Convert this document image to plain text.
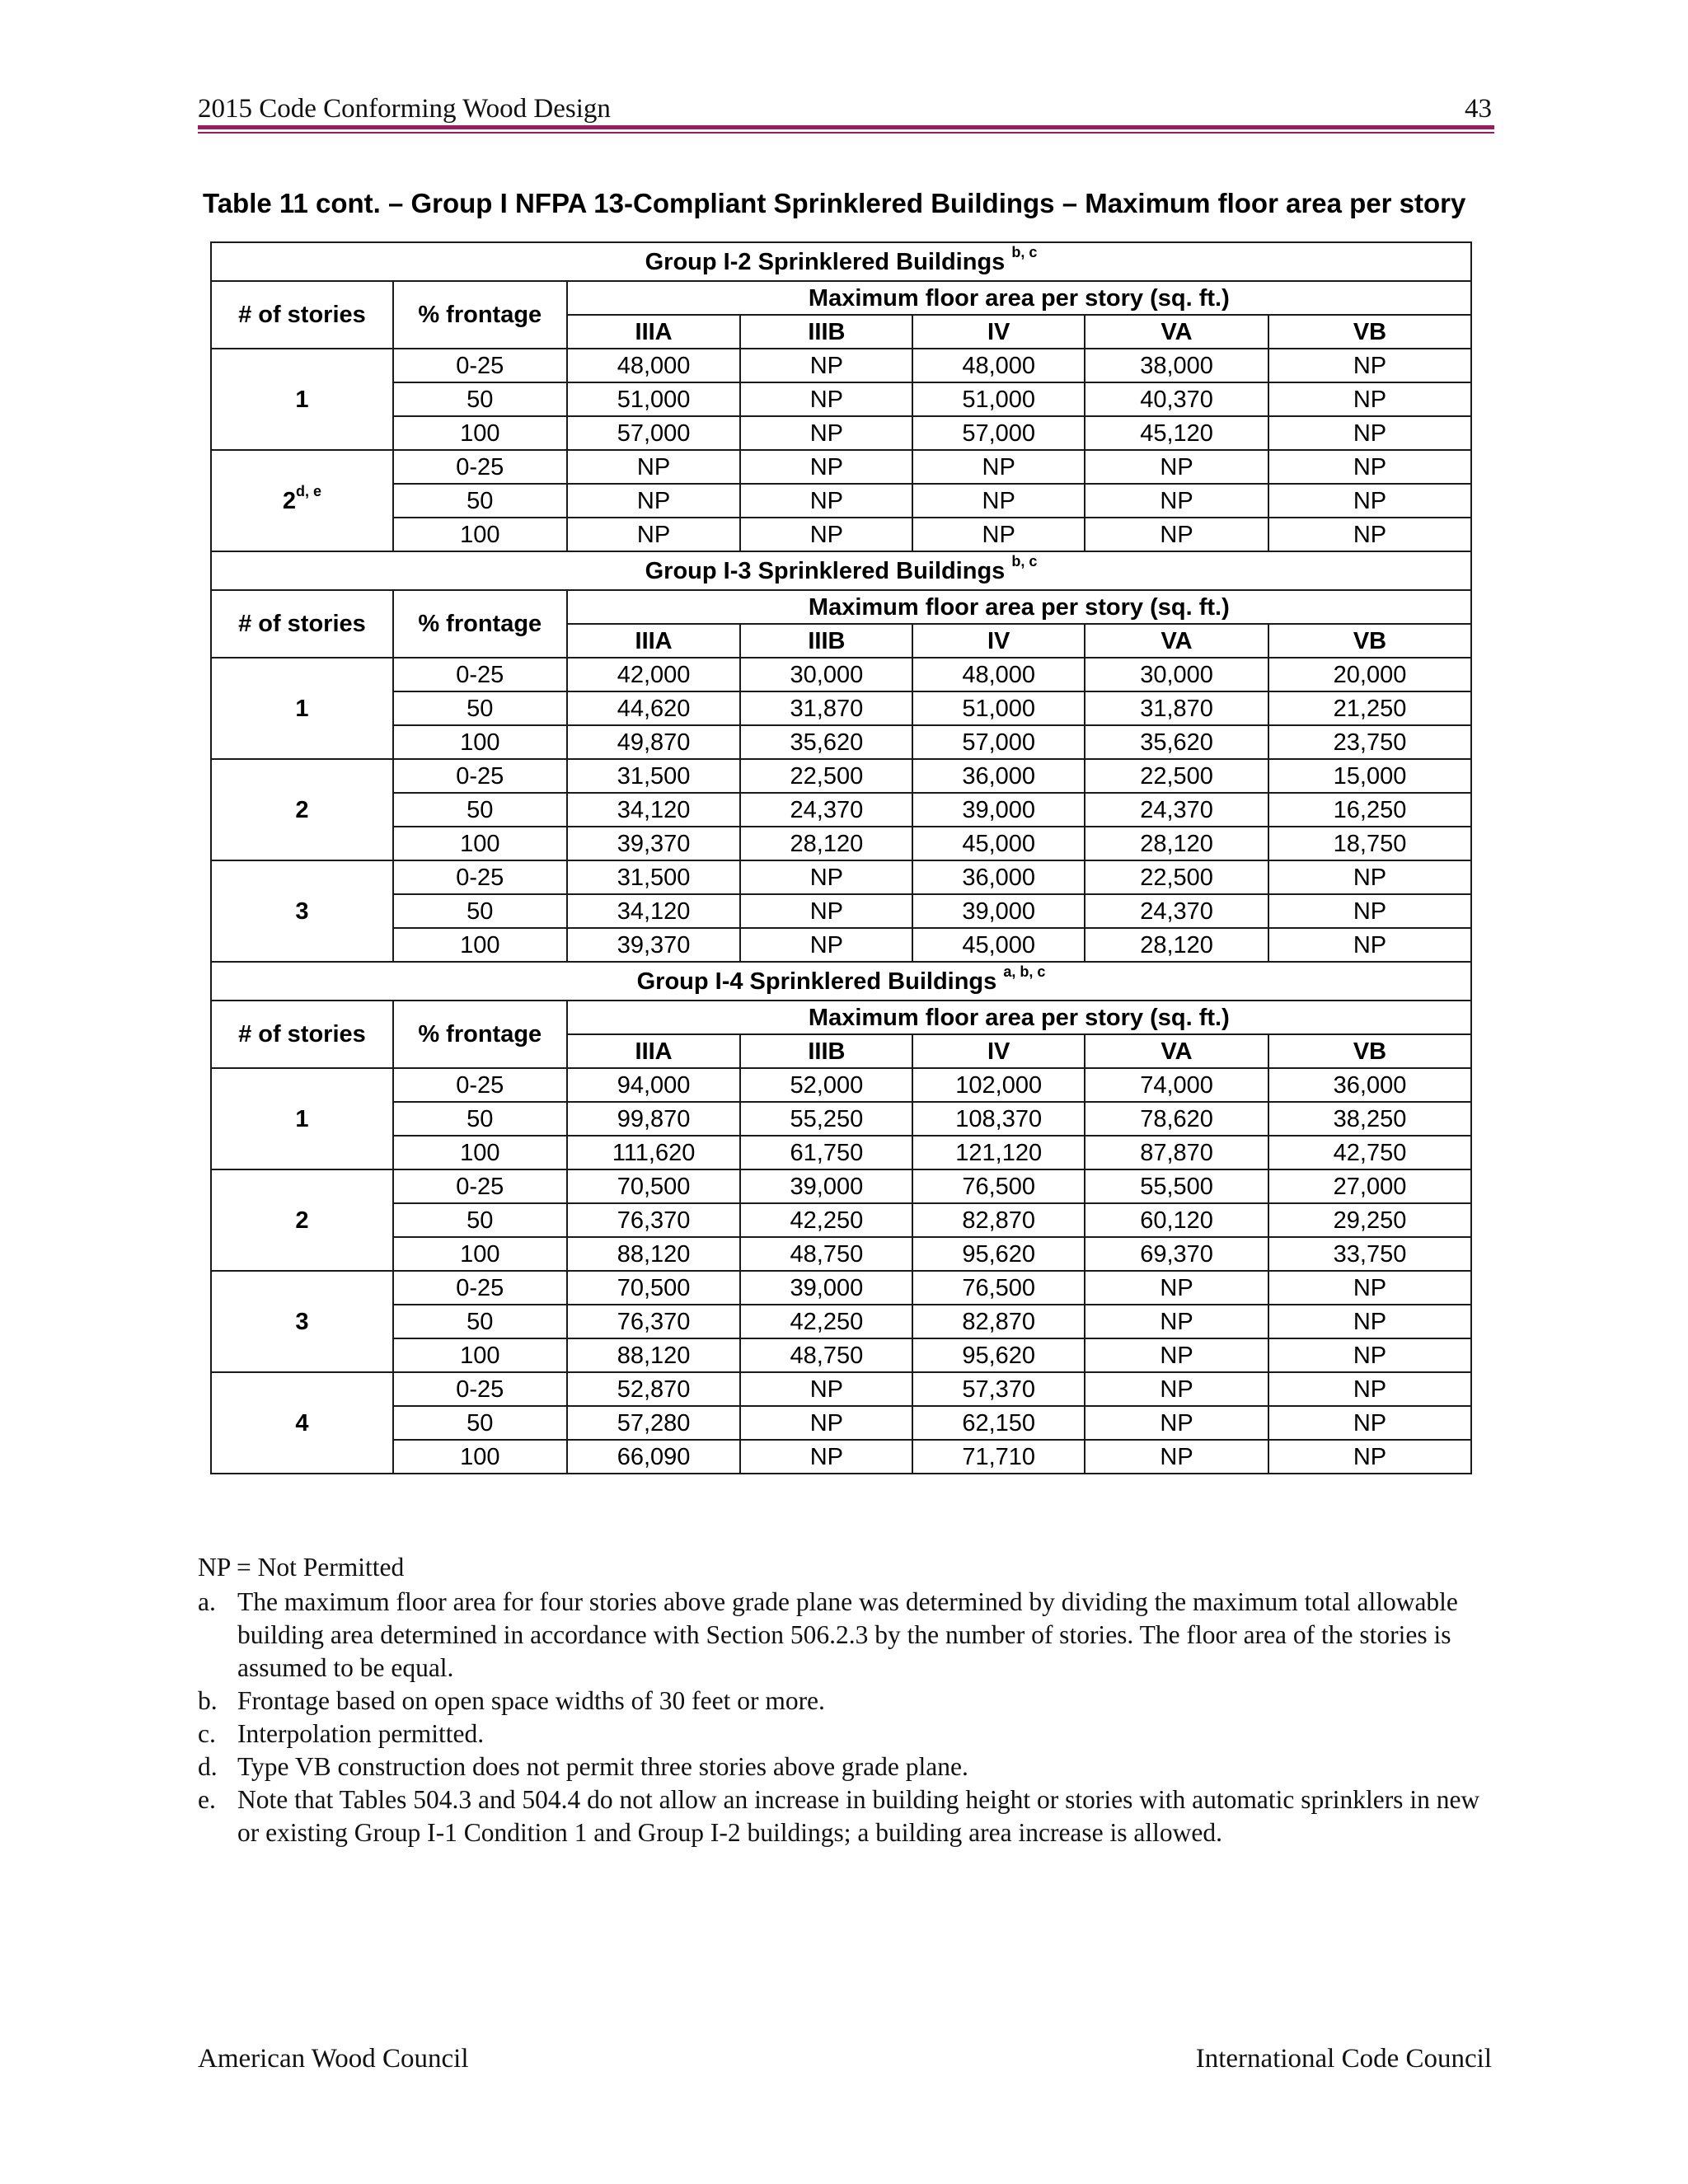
2015 Code Conforming Wood Design	43
Table 11 cont. – Group I NFPA 13-Compliant Sprinklered Buildings – Maximum floor area per story
Group I-2 Sprinklered Buildings $^{b, c}$
# of stories	% frontage	Maximum floor area per story (sq. ft.)				
		IIIA	IIIB	IV	VA	VB
1	0-25	48,000	NP	48,000	38,000	NP
	50	51,000	NP	51,000	40,370	NP
	100	57,000	NP	57,000	45,120	NP
2$^{d, e}$	0-25	NP	NP	NP	NP	NP
	50	NP	NP	NP	NP	NP
	100	NP	NP	NP	NP	NP
Group I-3 Sprinklered Buildings $^{b, c}$
# of stories	% frontage	Maximum floor area per story (sq. ft.)				
		IIIA	IIIB	IV	VA	VB
1	0-25	42,000	30,000	48,000	30,000	20,000
	50	44,620	31,870	51,000	31,870	21,250
	100	49,870	35,620	57,000	35,620	23,750
2	0-25	31,500	22,500	36,000	22,500	15,000
	50	34,120	24,370	39,000	24,370	16,250
	100	39,370	28,120	45,000	28,120	18,750
3	0-25	31,500	NP	36,000	22,500	NP
	50	34,120	NP	39,000	24,370	NP
	100	39,370	NP	45,000	28,120	NP
Group I-4 Sprinklered Buildings $^{a, b, c}$
# of stories	% frontage	Maximum floor area per story (sq. ft.)				
		IIIA	IIIB	IV	VA	VB
1	0-25	94,000	52,000	102,000	74,000	36,000
	50	99,870	55,250	108,370	78,620	38,250
	100	111,620	61,750	121,120	87,870	42,750
2	0-25	70,500	39,000	76,500	55,500	27,000
	50	76,370	42,250	82,870	60,120	29,250
	100	88,120	48,750	95,620	69,370	33,750
3	0-25	70,500	39,000	76,500	NP	NP
	50	76,370	42,250	82,870	NP	NP
	100	88,120	48,750	95,620	NP	NP
4	0-25	52,870	NP	57,370	NP	NP
	50	57,280	NP	62,150	NP	NP
	100	66,090	NP	71,710	NP	NP
NP = Not Permitted
a. The maximum floor area for four stories above grade plane was determined by dividing the maximum total allowable building area determined in accordance with Section 506.2.3 by the number of stories. The floor area of the stories is assumed to be equal.
b. Frontage based on open space widths of 30 feet or more.
c. Interpolation permitted.
d. Type VB construction does not permit three stories above grade plane.
e. Note that Tables 504.3 and 504.4 do not allow an increase in building height or stories with automatic sprinklers in new or existing Group I-1 Condition 1 and Group I-2 buildings; a building area increase is allowed.
American Wood Council	International Code Council
